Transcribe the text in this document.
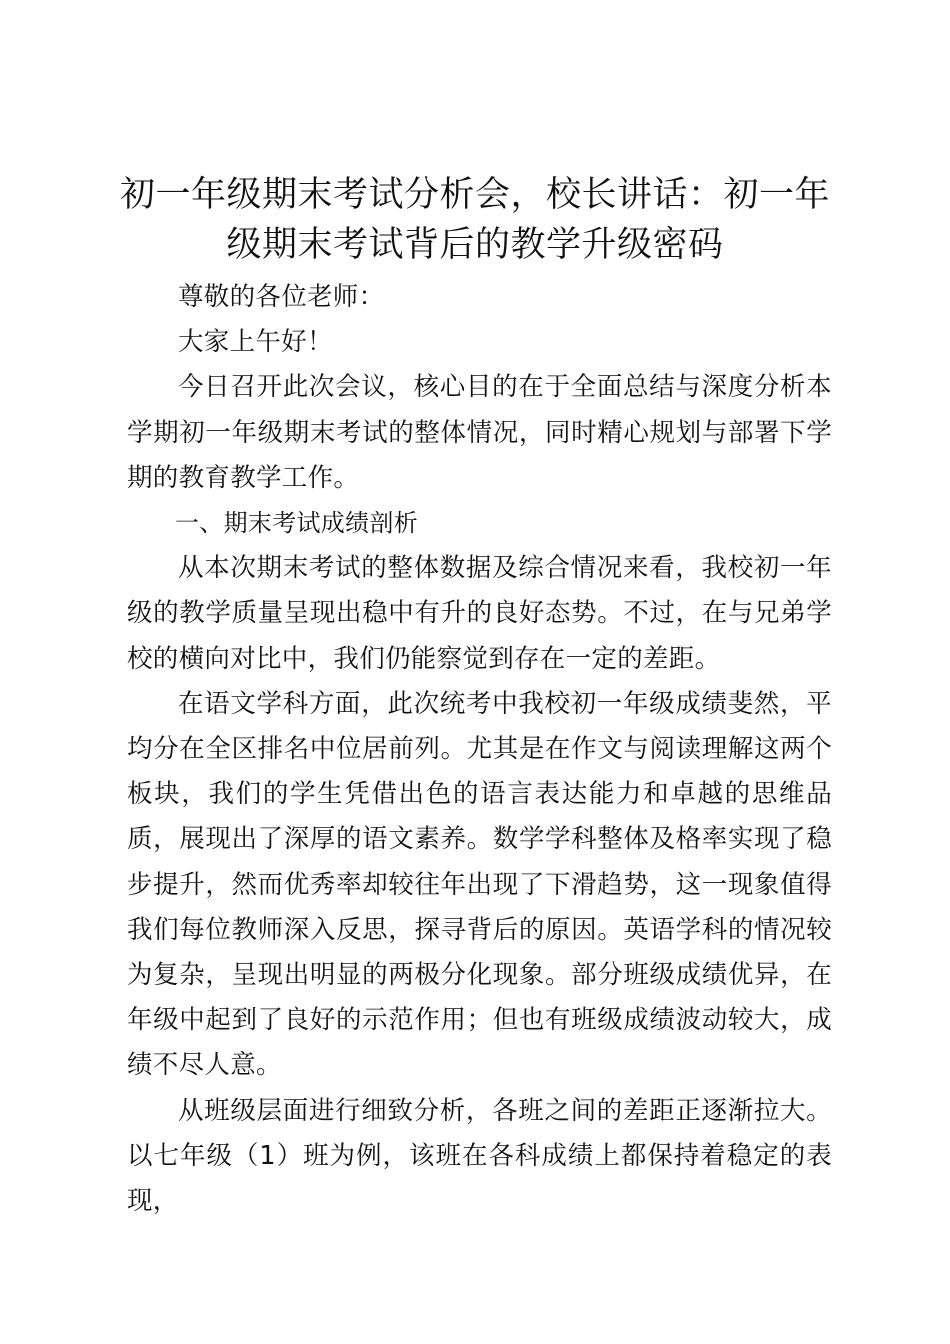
初一年级期末考试分析会，校长讲话：初一年级期末考试背后的教学升级密码

尊敬的各位老师：

大家上午好！

今日召开此次会议，核心目的在于全面总结与深度分析本学期初一年级期末考试的整体情况，同时精心规划与部署下学期的教育教学工作。

一、期末考试成绩剖析

从本次期末考试的整体数据及综合情况来看，我校初一年级的教学质量呈现出稳中有升的良好态势。不过，在与兄弟学校的横向对比中，我们仍能察觉到存在一定的差距。

在语文学科方面，此次统考中我校初一年级成绩斐然，平均分在全区排名中位居前列。尤其是在作文与阅读理解这两个板块，我们的学生凭借出色的语言表达能力和卓越的思维品质，展现出了深厚的语文素养。数学学科整体及格率实现了稳步提升，然而优秀率却较往年出现了下滑趋势，这一现象值得我们每位教师深入反思，探寻背后的原因。英语学科的情况较为复杂，呈现出明显的两极分化现象。部分班级成绩优异，在年级中起到了良好的示范作用；但也有班级成绩波动较大，成绩不尽人意。

从班级层面进行细致分析，各班之间的差距正逐渐拉大。以七年级（1）班为例，该班在各科成绩上都保持着稳定的表现，
